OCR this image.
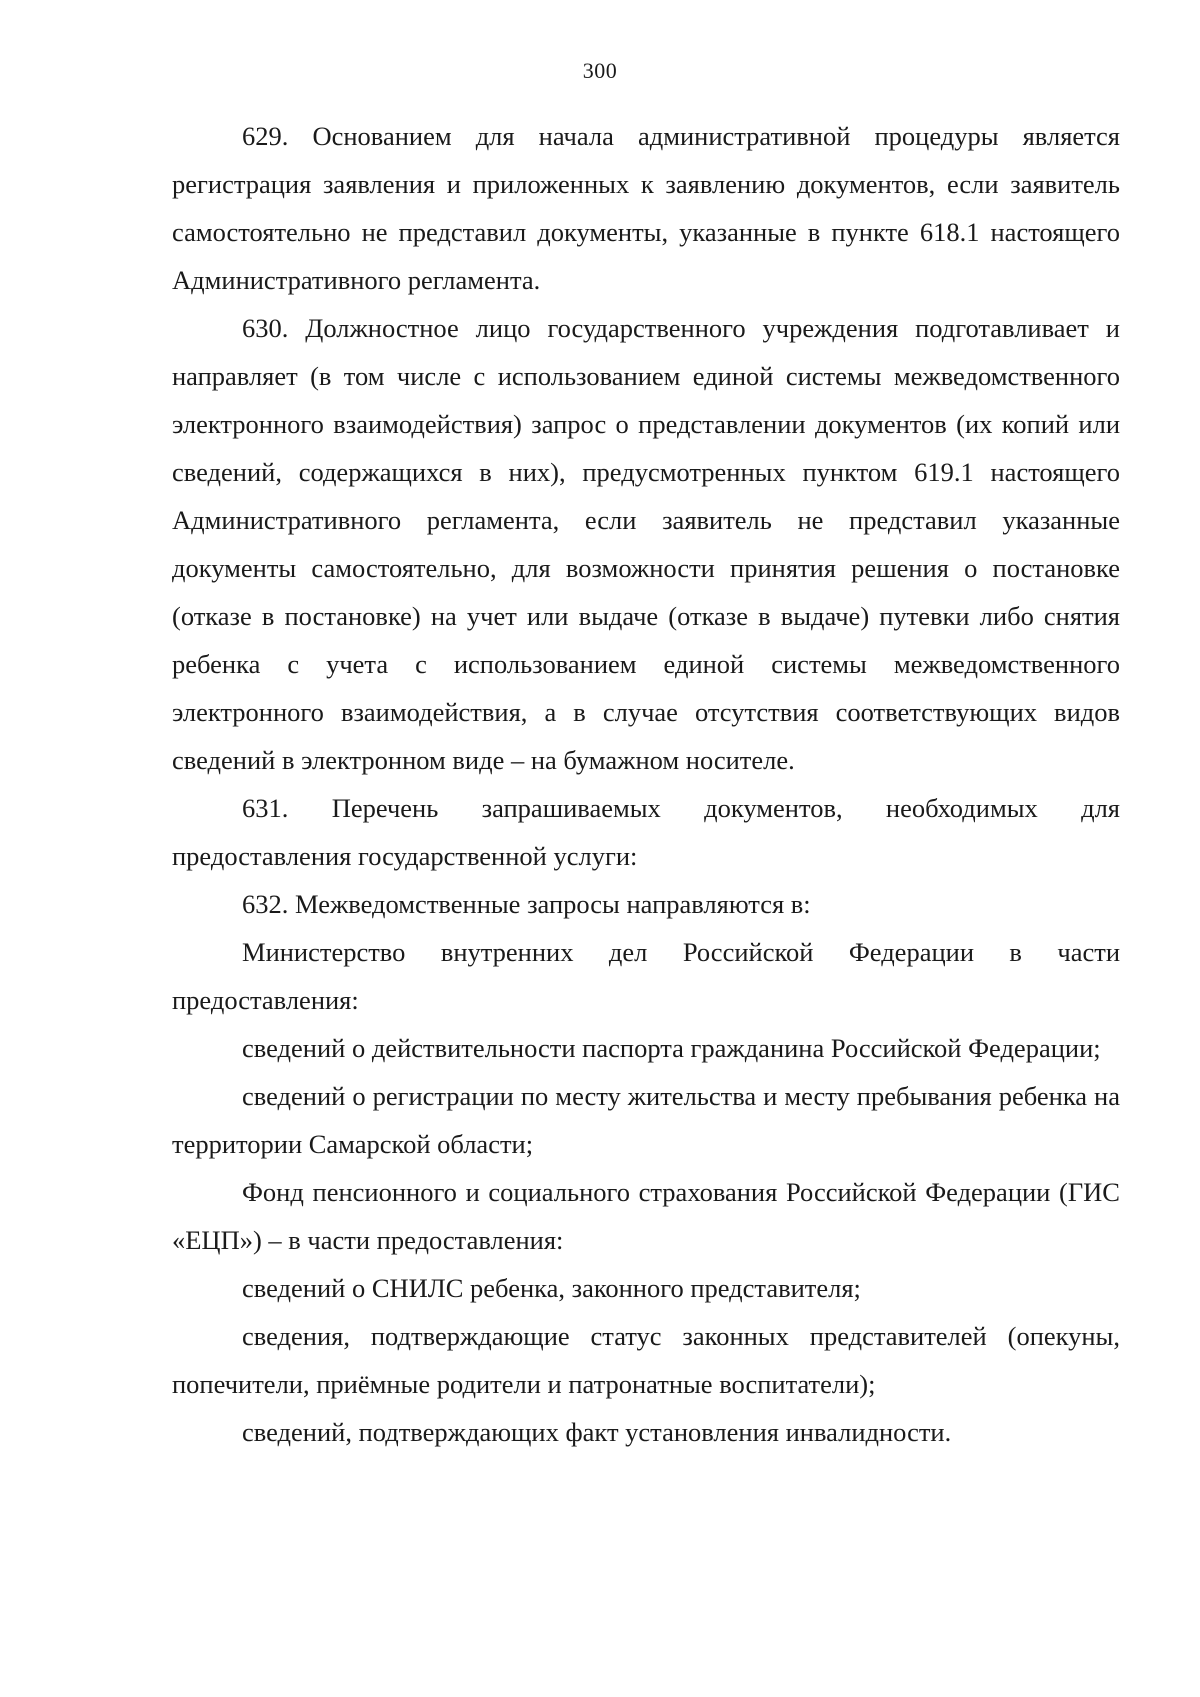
300

629. Основанием для начала административной процедуры является регистрация заявления и приложенных к заявлению документов, если заявитель самостоятельно не представил документы, указанные в пункте 618.1 настоящего Административного регламента.

630. Должностное лицо государственного учреждения подготавливает и направляет (в том числе с использованием единой системы межведомственного электронного взаимодействия) запрос о представлении документов (их копий или сведений, содержащихся в них), предусмотренных пунктом 619.1 настоящего Административного регламента, если заявитель не представил указанные документы самостоятельно, для возможности принятия решения о постановке (отказе в постановке) на учет или выдаче (отказе в выдаче) путевки либо снятия ребенка с учета с использованием единой системы межведомственного электронного взаимодействия, а в случае отсутствия соответствующих видов сведений в электронном виде – на бумажном носителе.

631. Перечень запрашиваемых документов, необходимых для предоставления государственной услуги:

632. Межведомственные запросы направляются в:

Министерство внутренних дел Российской Федерации в части предоставления:

сведений о действительности паспорта гражданина Российской Федерации;

сведений о регистрации по месту жительства и месту пребывания ребенка на территории Самарской области;

Фонд пенсионного и социального страхования Российской Федерации (ГИС «ЕЦП») – в части предоставления:

сведений о СНИЛС ребенка, законного представителя;

сведения, подтверждающие статус законных представителей (опекуны, попечители, приёмные родители и патронатные воспитатели);

сведений, подтверждающих факт установления инвалидности.
